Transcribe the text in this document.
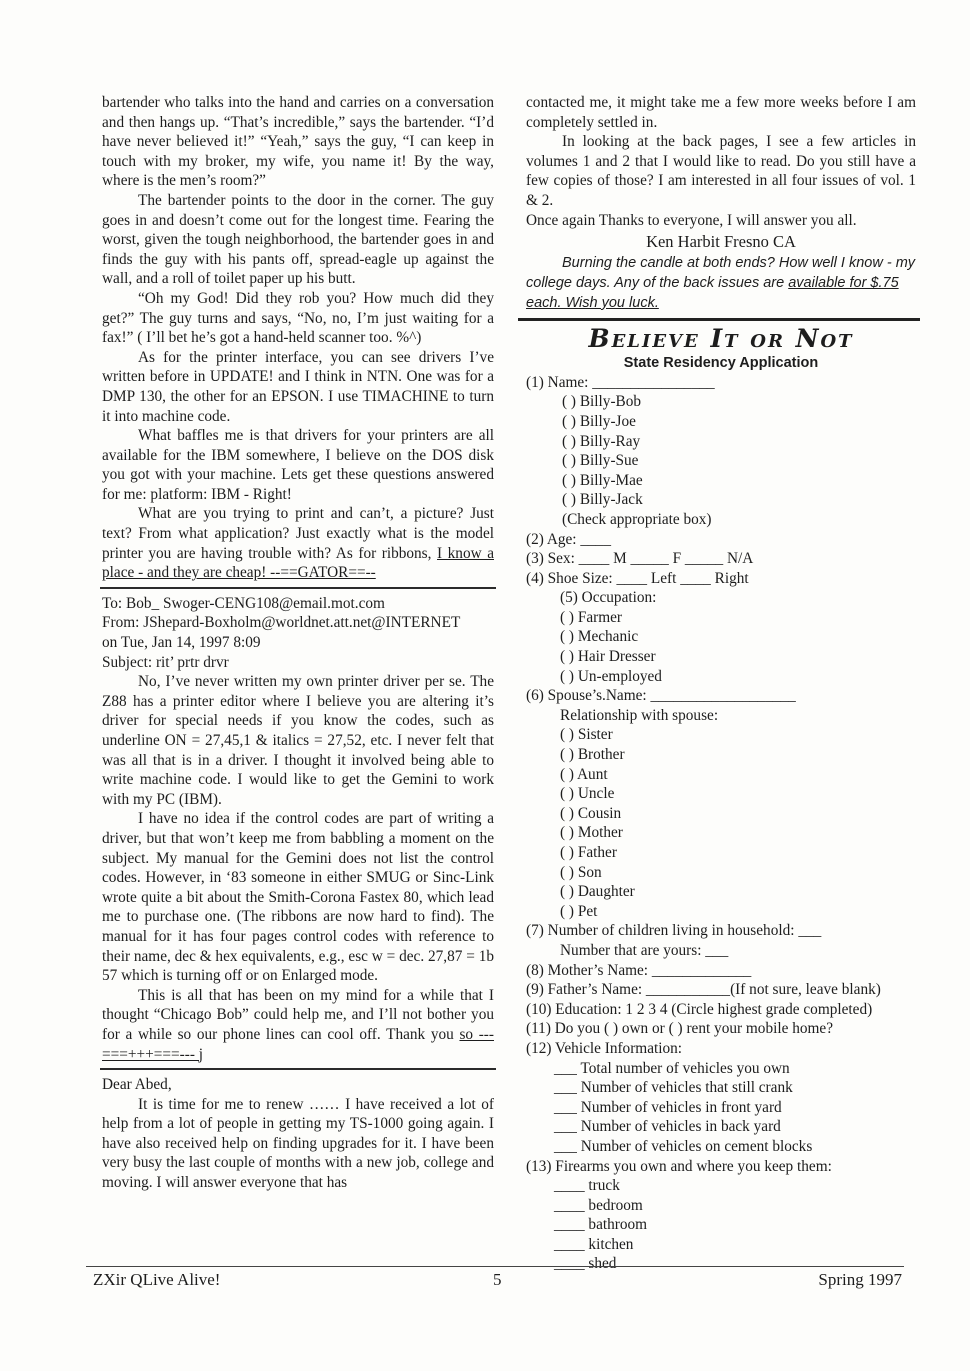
bartender who talks into the hand and carries on a conversation and then hangs up. “That’s incredible,” says the bartender. “I’d have never believed it!” “Yeah,” says the guy, “I can keep in touch with my broker, my wife, you name it! By the way, where is the men’s room?”

The bartender points to the door in the corner. The guy goes in and doesn’t come out for the longest time. Fearing the worst, given the tough neighborhood, the bartender goes in and finds the guy with his pants off, spread-eagle up against the wall, and a roll of toilet paper up his butt.

“Oh my God! Did they rob you? How much did they get?” The guy turns and says, “No, no, I’m just waiting for a fax!” ( I’ll bet he’s got a hand-held scanner too. %^)

As for the printer interface, you can see drivers I’ve written before in UPDATE! and I think in NTN. One was for a DMP 130, the other for an EPSON. I use TIMACHINE to turn it into machine code.

What baffles me is that drivers for your printers are all available for the IBM somewhere, I believe on the DOS disk you got with your machine. Lets get these questions answered for me: platform: IBM - Right!

What are you trying to print and can’t, a picture? Just text? From what application? Just exactly what is the model printer you are having trouble with? As for ribbons, I know a place - and they are cheap! --==GATOR==--

To: Bob_ Swoger-CENG108@email.mot.com

From: JShepard-Boxholm@worldnet.att.net@INTERNET

on Tue, Jan 14, 1997 8:09

Subject: rit’ prtr drvr

No, I’ve never written my own printer driver per se. The Z88 has a printer editor where I believe you are altering it’s driver for special needs if you know the codes, such as underline ON = 27,45,1 & italics = 27,52, etc. I never felt that was all that is in a driver. I thought it involved being able to write machine code. I would like to get the Gemini to work with my PC (IBM).

I have no idea if the control codes are part of writing a driver, but that won’t keep me from babbling a moment on the subject. My manual for the Gemini does not list the control codes. However, in ‘83 someone in either SMUG or Sinc-Link wrote quite a bit about the Smith-Corona Fastex 80, which lead me to purchase one. (The ribbons are now hard to find). The manual for it has four pages control codes with reference to their name, dec & hex equivalents, e.g., esc w = dec. 27,87 = 1b 57 which is turning off or on Enlarged mode.

This is all that has been on my mind for a while that I thought “Chicago Bob” could help me, and I’ll not bother you for a while so our phone lines can cool off. Thank you so ---===+++===--- j

Dear Abed,

It is time for me to renew …… I have received a lot of help from a lot of people in getting my TS-1000 going again. I have also received help on finding upgrades for it. I have been very busy the last couple of months with a new job, college and moving. I will answer everyone that has

contacted me, it might take me a few more weeks before I am completely settled in.

In looking at the back pages, I see a few articles in volumes 1 and 2 that I would like to read. Do you still have a few copies of those? I am interested in all four issues of vol. 1 & 2.

Once again Thanks to everyone, I will answer you all.

Ken Harbit Fresno CA

Burning the candle at both ends? How well I know - my college days. Any of the back issues are available for $.75 each. Wish you luck.

Believe It or Not
State Residency Application
(1) Name: ________________
( ) Billy-Bob
( ) Billy-Joe
( ) Billy-Ray
( ) Billy-Sue
( ) Billy-Mae
( ) Billy-Jack
(Check appropriate box)
(2) Age: ____
(3) Sex: ____ M _____ F _____ N/A
(4) Shoe Size: ____ Left ____ Right
(5) Occupation:
( ) Farmer
( ) Mechanic
( ) Hair Dresser
( ) Un-employed
(6) Spouse’s.Name: ___________________
Relationship with spouse:
( ) Sister
( ) Brother
( ) Aunt
( ) Uncle
( ) Cousin
( ) Mother
( ) Father
( ) Son
( ) Daughter
( ) Pet
(7) Number of children living in household: ___
Number that are yours: ___
(8) Mother’s Name: _____________
(9) Father’s Name: ___________(If not sure, leave blank)
(10) Education: 1 2 3 4 (Circle highest grade completed)
(11) Do you ( ) own or ( ) rent your mobile home?
(12) Vehicle Information:
___ Total number of vehicles you own
___ Number of vehicles that still crank
___ Number of vehicles in front yard
___ Number of vehicles in back yard
___ Number of vehicles on cement blocks
(13) Firearms you own and where you keep them:
____ truck
____ bedroom
____ bathroom
____ kitchen
____ shed
ZXir QLive Alive!	5	Spring 1997
